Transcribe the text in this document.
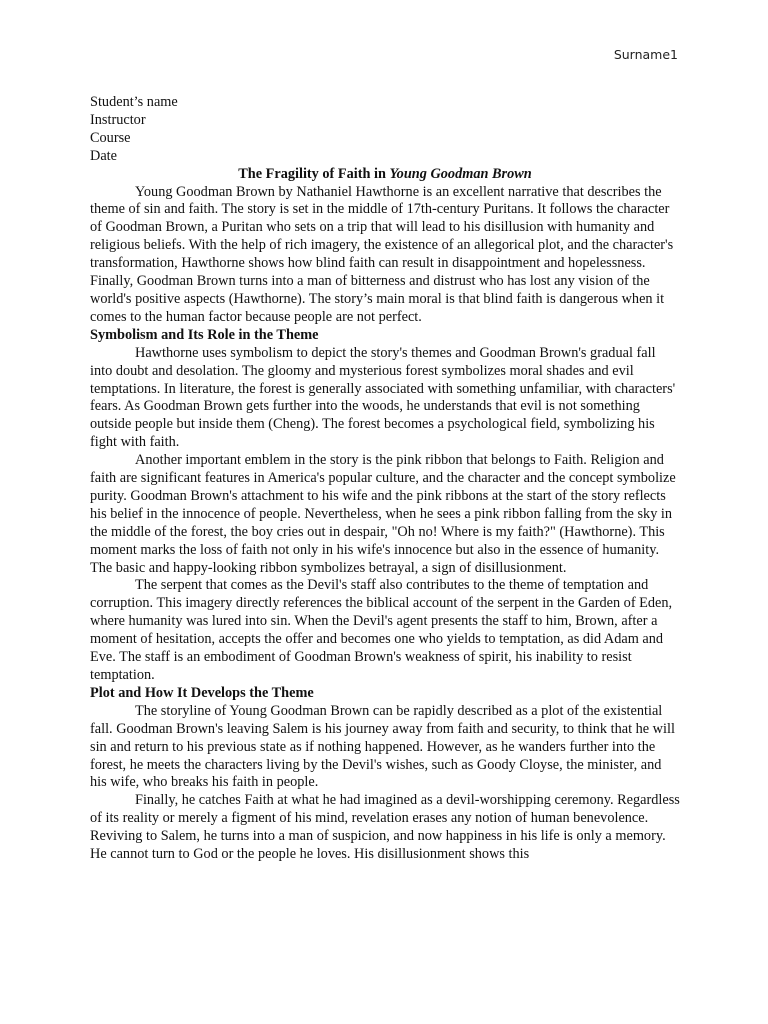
Surname1

Student’s name

Instructor

Course

Date

The Fragility of Faith in Young Goodman Brown

Young Goodman Brown by Nathaniel Hawthorne is an excellent narrative that describes the theme of sin and faith. The story is set in the middle of 17th-century Puritans. It follows the character of Goodman Brown, a Puritan who sets on a trip that will lead to his disillusion with humanity and religious beliefs. With the help of rich imagery, the existence of an allegorical plot, and the character's transformation, Hawthorne shows how blind faith can result in disappointment and hopelessness. Finally, Goodman Brown turns into a man of bitterness and distrust who has lost any vision of the world's positive aspects (Hawthorne). The story’s main moral is that blind faith is dangerous when it comes to the human factor because people are not perfect.

Symbolism and Its Role in the Theme

Hawthorne uses symbolism to depict the story's themes and Goodman Brown's gradual fall into doubt and desolation. The gloomy and mysterious forest symbolizes moral shades and evil temptations. In literature, the forest is generally associated with something unfamiliar, with characters' fears. As Goodman Brown gets further into the woods, he understands that evil is not something outside people but inside them (Cheng). The forest becomes a psychological field, symbolizing his fight with faith.

Another important emblem in the story is the pink ribbon that belongs to Faith. Religion and faith are significant features in America's popular culture, and the character and the concept symbolize purity. Goodman Brown's attachment to his wife and the pink ribbons at the start of the story reflects his belief in the innocence of people. Nevertheless, when he sees a pink ribbon falling from the sky in the middle of the forest, the boy cries out in despair, "Oh no! Where is my faith?" (Hawthorne). This moment marks the loss of faith not only in his wife's innocence but also in the essence of humanity. The basic and happy-looking ribbon symbolizes betrayal, a sign of disillusionment.

The serpent that comes as the Devil's staff also contributes to the theme of temptation and corruption. This imagery directly references the biblical account of the serpent in the Garden of Eden, where humanity was lured into sin. When the Devil's agent presents the staff to him, Brown, after a moment of hesitation, accepts the offer and becomes one who yields to temptation, as did Adam and Eve. The staff is an embodiment of Goodman Brown's weakness of spirit, his inability to resist temptation.

Plot and How It Develops the Theme

The storyline of Young Goodman Brown can be rapidly described as a plot of the existential fall. Goodman Brown's leaving Salem is his journey away from faith and security, to think that he will sin and return to his previous state as if nothing happened. However, as he wanders further into the forest, he meets the characters living by the Devil's wishes, such as Goody Cloyse, the minister, and his wife, who breaks his faith in people.

Finally, he catches Faith at what he had imagined as a devil-worshipping ceremony. Regardless of its reality or merely a figment of his mind, revelation erases any notion of human benevolence. Reviving to Salem, he turns into a man of suspicion, and now happiness in his life is only a memory. He cannot turn to God or the people he loves. His disillusionment shows this
